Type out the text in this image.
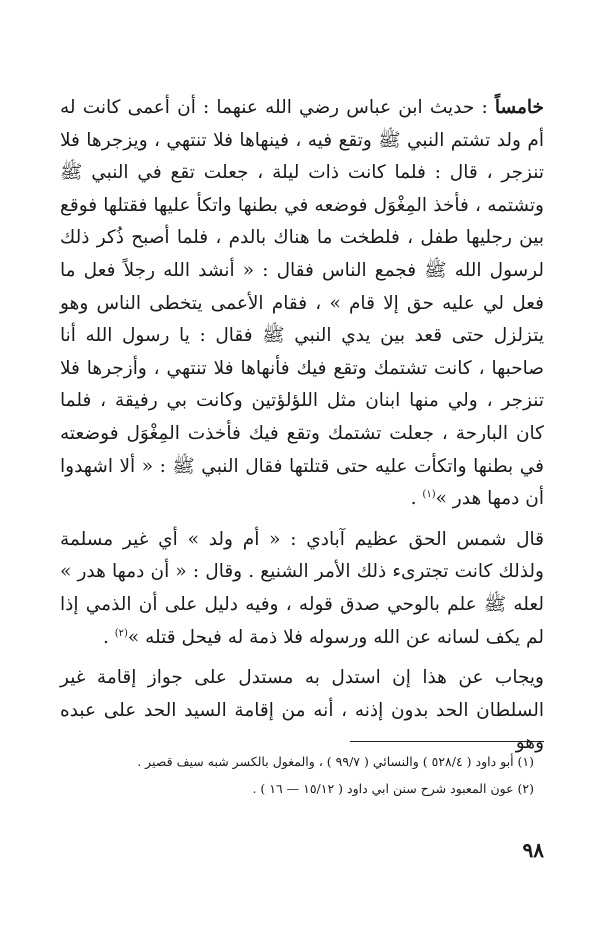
خامساً : حديث ابن عباس رضي الله عنهما : أن أعمى كانت له أم ولد تشتم النبي ﷺ وتقع فيه ، فينهاها فلا تنتهي ، ويزجرها فلا تنزجر ، قال : فلما كانت ذات ليلة ، جعلت تقع في النبي ﷺ وتشتمه ، فأخذ المِغْوَل فوضعه في بطنها واتكأ عليها فقتلها فوقع بين رجليها طفل ، فلطخت ما هناك بالدم ، فلما أصبح ذُكر ذلك لرسول الله ﷺ فجمع الناس فقال : « أنشد الله رجلاً فعل ما فعل لي عليه حق إلا قام » ، فقام الأعمى يتخطى الناس وهو يتزلزل حتى قعد بين يدي النبي ﷺ فقال : يا رسول الله أنا صاحبها ، كانت تشتمك وتقع فيك فأنهاها فلا تنتهي ، وأزجرها فلا تنزجر ، ولي منها ابنان مثل اللؤلؤتين وكانت بي رفيقة ، فلما كان البارحة ، جعلت تشتمك وتقع فيك فأخذت المِغْوَل فوضعته في بطنها واتكأت عليه حتى قتلتها فقال النبي ﷺ : « ألا اشهدوا أن دمها هدر »$^{(١)}$ .

قال شمس الحق عظيم آبادي : « أم ولد » أي غير مسلمة ولذلك كانت تجترىء ذلك الأمر الشنيع . وقال : « أن دمها هدر » لعله ﷺ علم بالوحي صدق قوله ، وفيه دليل على أن الذمي إذا لم يكف لسانه عن الله ورسوله فلا ذمة له فيحل قتله »$^{(٢)}$ .

ويجاب عن هذا إن استدل به مستدل على جواز إقامة غير السلطان الحد بدون إذنه ، أنه من إقامة السيد الحد على عبده وهو

(١) أبو داود ( ٥٢٨/٤ ) والنسائي ( ٩٩/٧ ) ، والمغول بالكسر شبه سيف قصير .
(٢) عون المعبود شرح سنن ابي داود ( ١٥/١٢ — ١٦ ) .
٩٨
